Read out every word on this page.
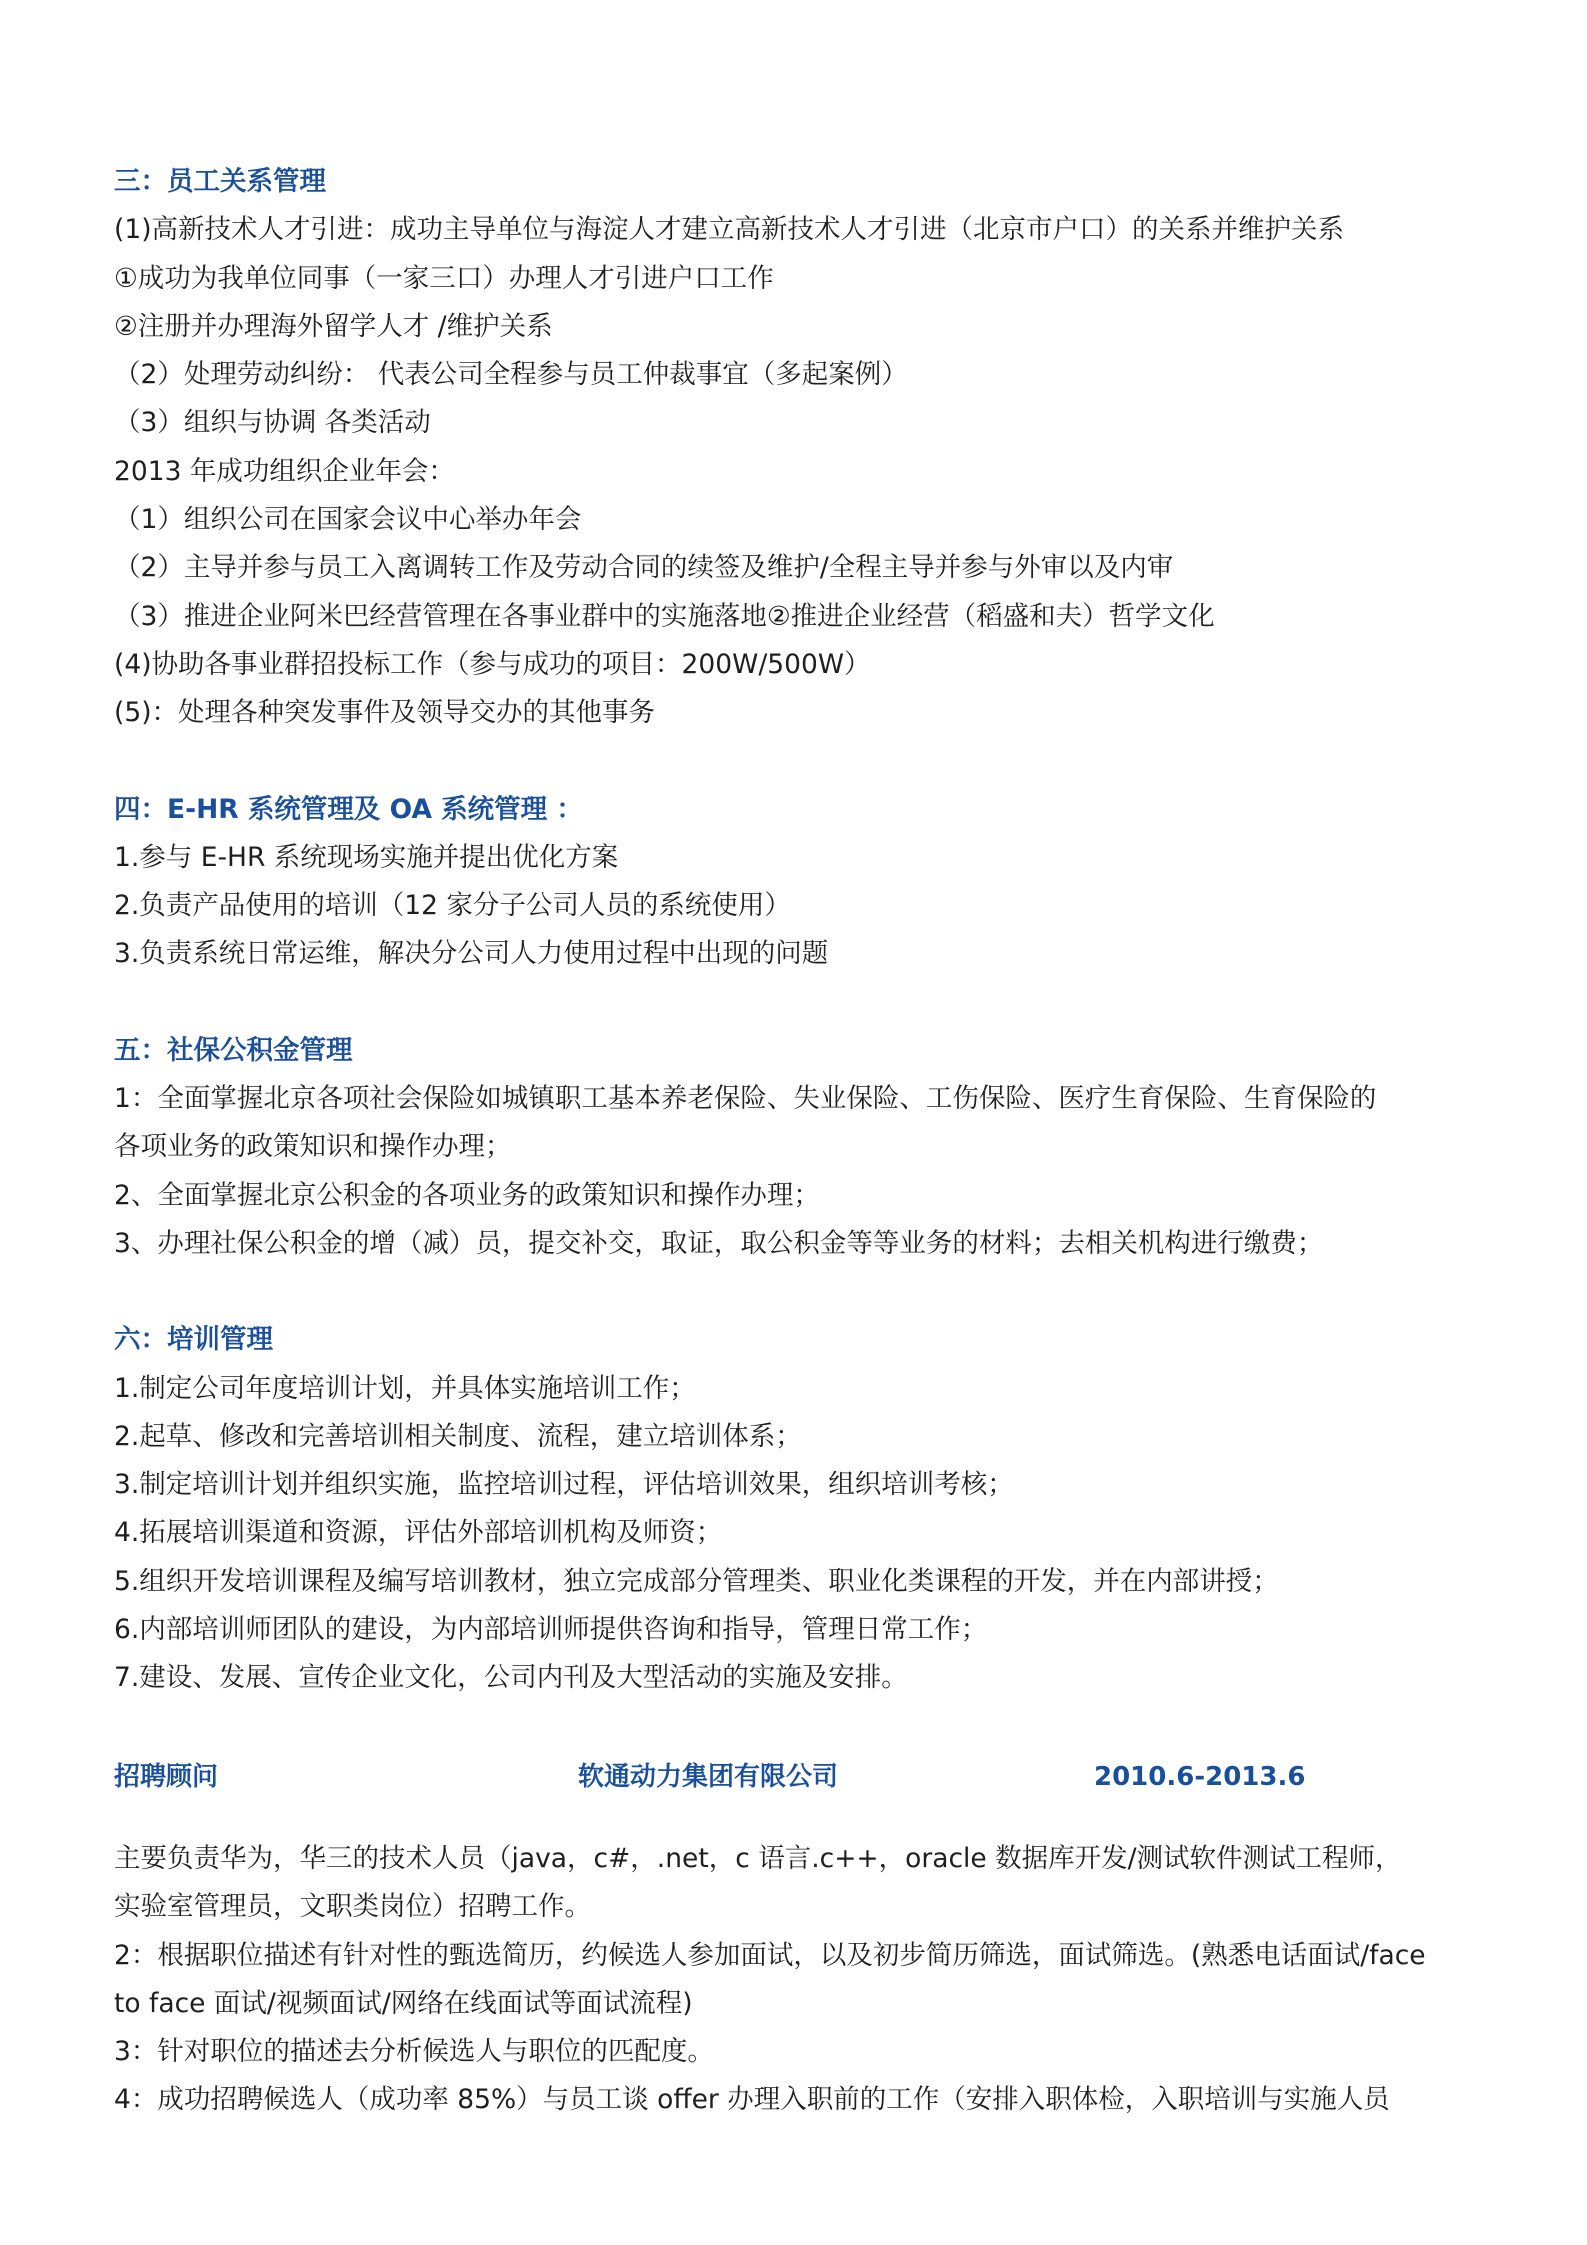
三：员工关系管理
(1)高新技术人才引进：成功主导单位与海淀人才建立高新技术人才引进（北京市户口）的关系并维护关系
①成功为我单位同事（一家三口）办理人才引进户口工作
②注册并办理海外留学人才 /维护关系
（2）处理劳动纠纷： 代表公司全程参与员工仲裁事宜（多起案例）
（3）组织与协调 各类活动
2013 年成功组织企业年会：
（1）组织公司在国家会议中心举办年会
（2）主导并参与员工入离调转工作及劳动合同的续签及维护/全程主导并参与外审以及内审
（3）推进企业阿米巴经营管理在各事业群中的实施落地②推进企业经营（稻盛和夫）哲学文化
(4)协助各事业群招投标工作（参与成功的项目：200W/500W）
(5)：处理各种突发事件及领导交办的其他事务
四：E-HR 系统管理及 OA 系统管理 ：
1.参与 E-HR 系统现场实施并提出优化方案
2.负责产品使用的培训（12 家分子公司人员的系统使用）
3.负责系统日常运维，解决分公司人力使用过程中出现的问题
五：社保公积金管理
1：全面掌握北京各项社会保险如城镇职工基本养老保险、失业保险、工伤保险、医疗生育保险、生育保险的
各项业务的政策知识和操作办理；
2、全面掌握北京公积金的各项业务的政策知识和操作办理；
3、办理社保公积金的增（减）员，提交补交，取证，取公积金等等业务的材料；去相关机构进行缴费；
六：培训管理
1.制定公司年度培训计划，并具体实施培训工作；
2.起草、修改和完善培训相关制度、流程，建立培训体系；
3.制定培训计划并组织实施，监控培训过程，评估培训效果，组织培训考核；
4.拓展培训渠道和资源，评估外部培训机构及师资；
5.组织开发培训课程及编写培训教材，独立完成部分管理类、职业化类课程的开发，并在内部讲授；
6.内部培训师团队的建设，为内部培训师提供咨询和指导，管理日常工作；
7.建设、发展、宣传企业文化，公司内刊及大型活动的实施及安排。
招聘顾问	软通动力集团有限公司	2010.6-2013.6
主要负责华为，华三的技术人员（java，c#，.net，c 语言.c++，oracle 数据库开发/测试软件测试工程师，
实验室管理员，文职类岗位）招聘工作。
2：根据职位描述有针对性的甄选简历，约候选人参加面试，以及初步简历筛选，面试筛选。(熟悉电话面试/face
to face 面试/视频面试/网络在线面试等面试流程)
3：针对职位的描述去分析候选人与职位的匹配度。
4：成功招聘候选人（成功率 85%）与员工谈 offer 办理入职前的工作（安排入职体检，入职培训与实施人员
